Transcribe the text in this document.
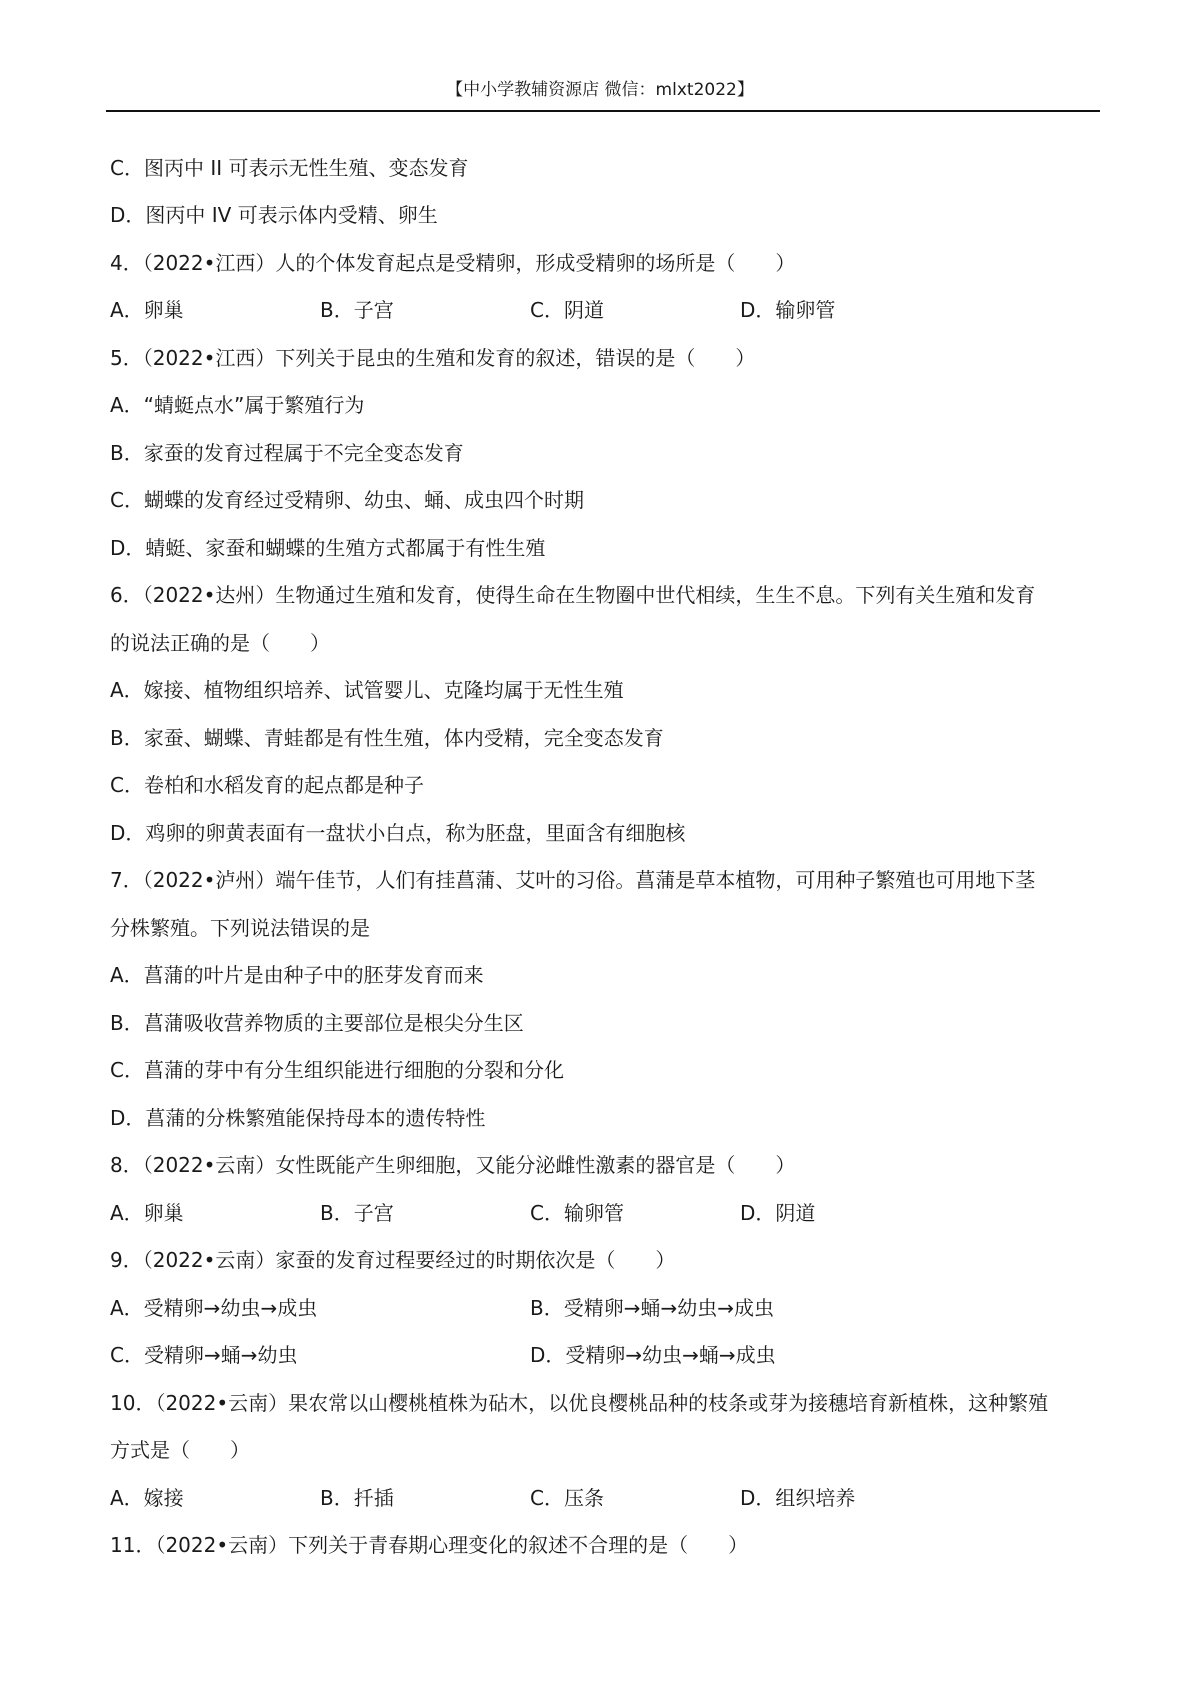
【中小学教辅资源店 微信：mlxt2022】
C．图丙中 II 可表示无性生殖、变态发育
D．图丙中 IV 可表示体内受精、卵生
4．（2022•江西）人的个体发育起点是受精卵，形成受精卵的场所是（　　）
A．卵巢	B．子宫	C．阴道	D．输卵管
5．（2022•江西）下列关于昆虫的生殖和发育的叙述，错误的是（　　）
A．“蜻蜓点水”属于繁殖行为
B．家蚕的发育过程属于不完全变态发育
C．蝴蝶的发育经过受精卵、幼虫、蛹、成虫四个时期
D．蜻蜓、家蚕和蝴蝶的生殖方式都属于有性生殖
6．（2022•达州）生物通过生殖和发育，使得生命在生物圈中世代相续，生生不息。下列有关生殖和发育
的说法正确的是（　　）
A．嫁接、植物组织培养、试管婴儿、克隆均属于无性生殖
B．家蚕、蝴蝶、青蛙都是有性生殖，体内受精，完全变态发育
C．卷柏和水稻发育的起点都是种子
D．鸡卵的卵黄表面有一盘状小白点，称为胚盘，里面含有细胞核
7．（2022•泸州）端午佳节，人们有挂菖蒲、艾叶的习俗。菖蒲是草本植物，可用种子繁殖也可用地下茎
分株繁殖。下列说法错误的是
A．菖蒲的叶片是由种子中的胚芽发育而来
B．菖蒲吸收营养物质的主要部位是根尖分生区
C．菖蒲的芽中有分生组织能进行细胞的分裂和分化
D．菖蒲的分株繁殖能保持母本的遗传特性
8．（2022•云南）女性既能产生卵细胞，又能分泌雌性激素的器官是（　　）
A．卵巢	B．子宫	C．输卵管	D．阴道
9．（2022•云南）家蚕的发育过程要经过的时期依次是（　　）
A．受精卵→幼虫→成虫	B．受精卵→蛹→幼虫→成虫
C．受精卵→蛹→幼虫	D．受精卵→幼虫→蛹→成虫
10．（2022•云南）果农常以山樱桃植株为砧木，以优良樱桃品种的枝条或芽为接穗培育新植株，这种繁殖
方式是（　　）
A．嫁接	B．扦插	C．压条	D．组织培养
11．（2022•云南）下列关于青春期心理变化的叙述不合理的是（　　）
